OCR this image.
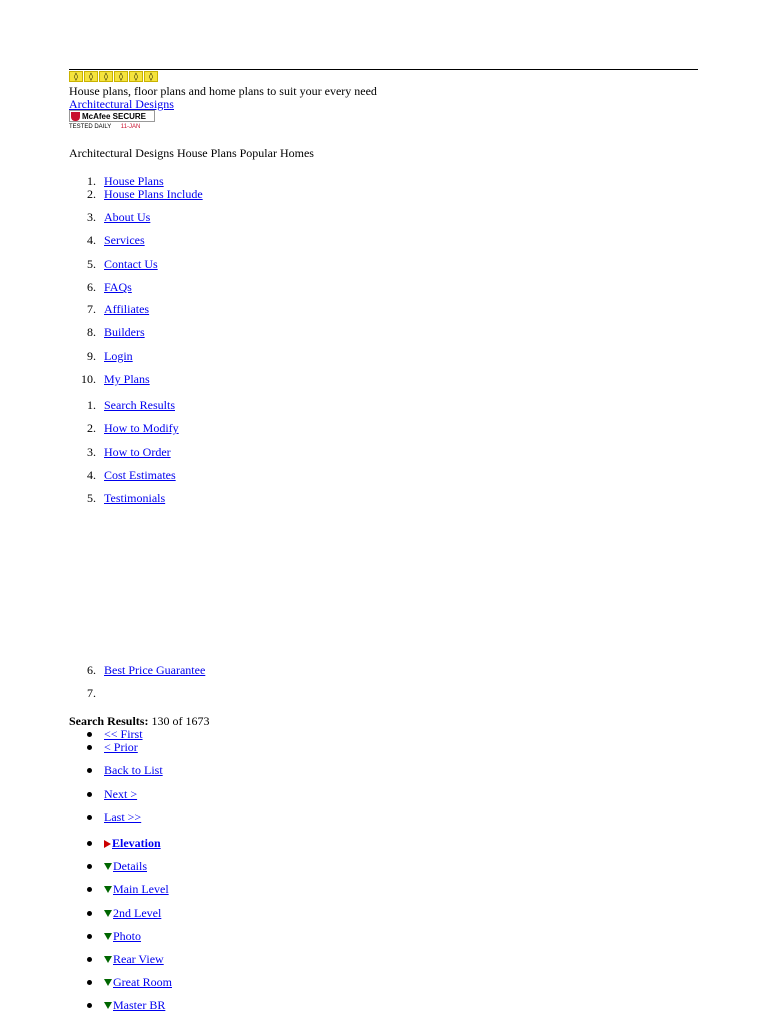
◊	◊	◊	◊	◊	◊
House plans, floor plans and home plans to suit your every need
Architectural Designs
McAfee SECURE
TESTED DAILY 11-JAN
Architectural Designs House Plans Popular Homes
1. House Plans
2. House Plans Include
3. About Us
4. Services
5. Contact Us
6. FAQs
7. Affiliates
8. Builders
9. Login
10. My Plans
1. Search Results
2. How to Modify
3. How to Order
4. Cost Estimates
5. Testimonials
6. Best Price Guarantee
7.
<< First
< Prior
Back to List
Next >
Last >>
Elevation
Details
Main Level
2nd Level
Photo
Rear View
Great Room
Master BR
Search Results: 130 of 1673
